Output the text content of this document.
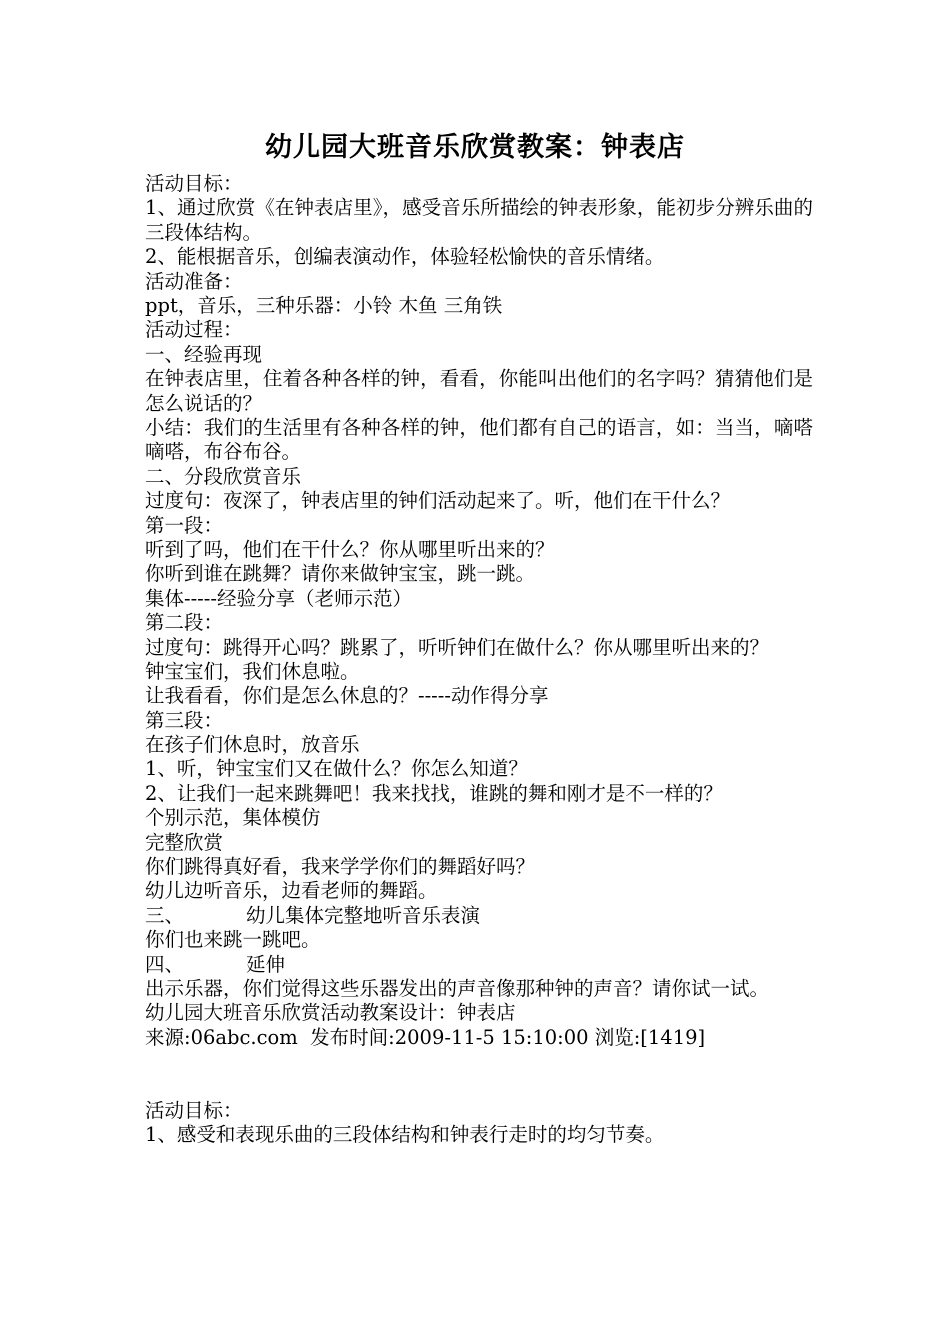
幼儿园大班音乐欣赏教案：钟表店
活动目标：
1、通过欣赏《在钟表店里》，感受音乐所描绘的钟表形象，能初步分辨乐曲的三段体结构。
2、能根据音乐，创编表演动作，体验轻松愉快的音乐情绪。
活动准备：
ppt，音乐，三种乐器：小铃 木鱼 三角铁
活动过程：
一、经验再现
在钟表店里，住着各种各样的钟，看看，你能叫出他们的名字吗？猜猜他们是怎么说话的？
小结：我们的生活里有各种各样的钟，他们都有自己的语言，如：当当，嘀嗒嘀嗒，布谷布谷。
二、分段欣赏音乐
过度句：夜深了，钟表店里的钟们活动起来了。听，他们在干什么？
第一段：
听到了吗，他们在干什么？你从哪里听出来的？
你听到谁在跳舞？请你来做钟宝宝，跳一跳。
集体-----经验分享（老师示范）
第二段：
过度句：跳得开心吗？跳累了，听听钟们在做什么？你从哪里听出来的？
钟宝宝们，我们休息啦。
让我看看，你们是怎么休息的？-----动作得分享
第三段：
在孩子们休息时，放音乐
1、听，钟宝宝们又在做什么？你怎么知道？
2、让我们一起来跳舞吧！我来找找，谁跳的舞和刚才是不一样的？
个别示范，集体模仿
完整欣赏
你们跳得真好看，我来学学你们的舞蹈好吗？
幼儿边听音乐，边看老师的舞蹈。
三、          幼儿集体完整地听音乐表演
你们也来跳一跳吧。
四、          延伸
出示乐器，你们觉得这些乐器发出的声音像那种钟的声音？请你试一试。
幼儿园大班音乐欣赏活动教案设计：钟表店
来源:06abc.com  发布时间:2009-11-5 15:10:00 浏览:[1419]
活动目标：
1、感受和表现乐曲的三段体结构和钟表行走时的均匀节奏。
